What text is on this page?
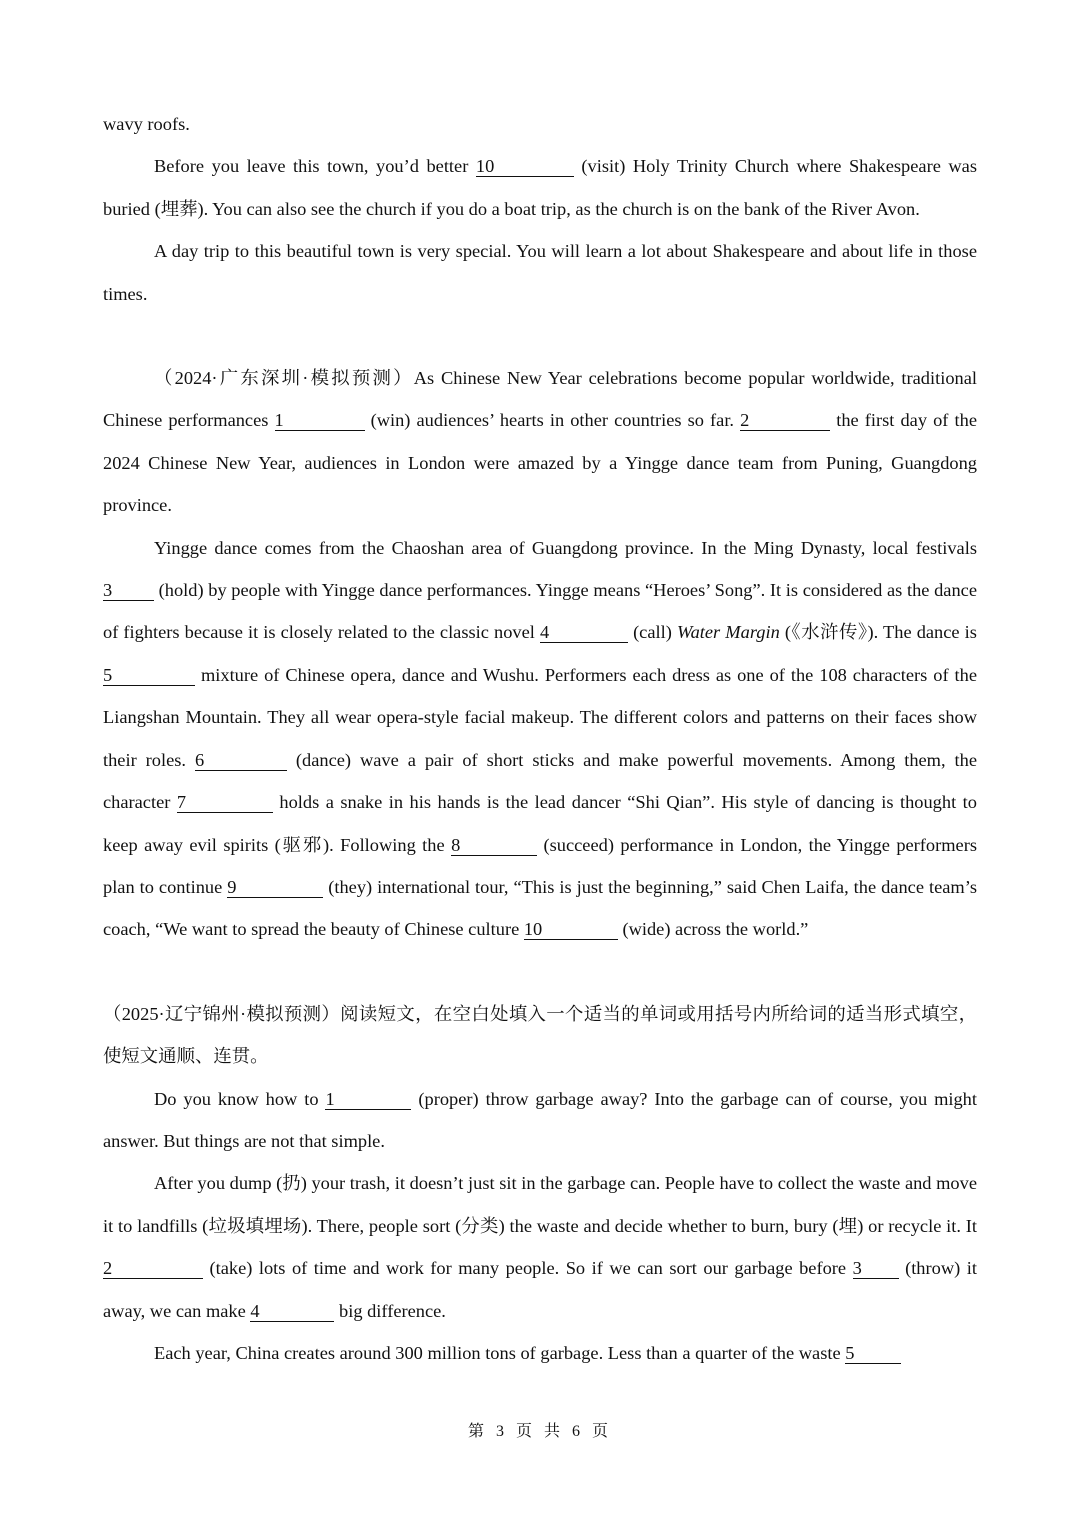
wavy roofs.

Before you leave this town, you’d better 10	(visit) Holy Trinity Church where Shakespeare was buried (埋葬). You can also see the church if you do a boat trip, as the church is on the bank of the River Avon.

A day trip to this beautiful town is very special. You will learn a lot about Shakespeare and about life in those times.

（2024·广东深圳·模拟预测）As Chinese New Year celebrations become popular worldwide, traditional Chinese performances 1	(win) audiences’ hearts in other countries so far. 2	the first day of the 2024 Chinese New Year, audiences in London were amazed by a Yingge dance team from Puning, Guangdong province.

Yingge dance comes from the Chaoshan area of Guangdong province. In the Ming Dynasty, local festivals 3	(hold) by people with Yingge dance performances. Yingge means “Heroes’ Song”. It is considered as the dance of fighters because it is closely related to the classic novel 4	(call) Water Margin (《水浒传》). The dance is 5	mixture of Chinese opera, dance and Wushu. Performers each dress as one of the 108 characters of the Liangshan Mountain. They all wear opera-style facial makeup. The different colors and patterns on their faces show their roles. 6	(dance) wave a pair of short sticks and make powerful movements. Among them, the character 7	holds a snake in his hands is the lead dancer “Shi Qian”. His style of dancing is thought to keep away evil spirits (驱邪). Following the 8	(succeed) performance in London, the Yingge performers plan to continue 9	(they) international tour, “This is just the beginning,” said Chen Laifa, the dance team’s coach, “We want to spread the beauty of Chinese culture 10	(wide) across the world.”

（2025·辽宁锦州·模拟预测）阅读短文，在空白处填入一个适当的单词或用括号内所给词的适当形式填空，使短文通顺、连贯。

Do you know how to 1	(proper) throw garbage away? Into the garbage can of course, you might answer. But things are not that simple.

After you dump (扔) your trash, it doesn’t just sit in the garbage can. People have to collect the waste and move it to landfills (垃圾填埋场). There, people sort (分类) the waste and decide whether to burn, bury (埋) or recycle it. It 2	(take) lots of time and work for many people. So if we can sort our garbage before 3 (throw) it away, we can make 4	big difference.

Each year, China creates around 300 million tons of garbage. Less than a quarter of the waste 5

第 3 页 共 6 页
